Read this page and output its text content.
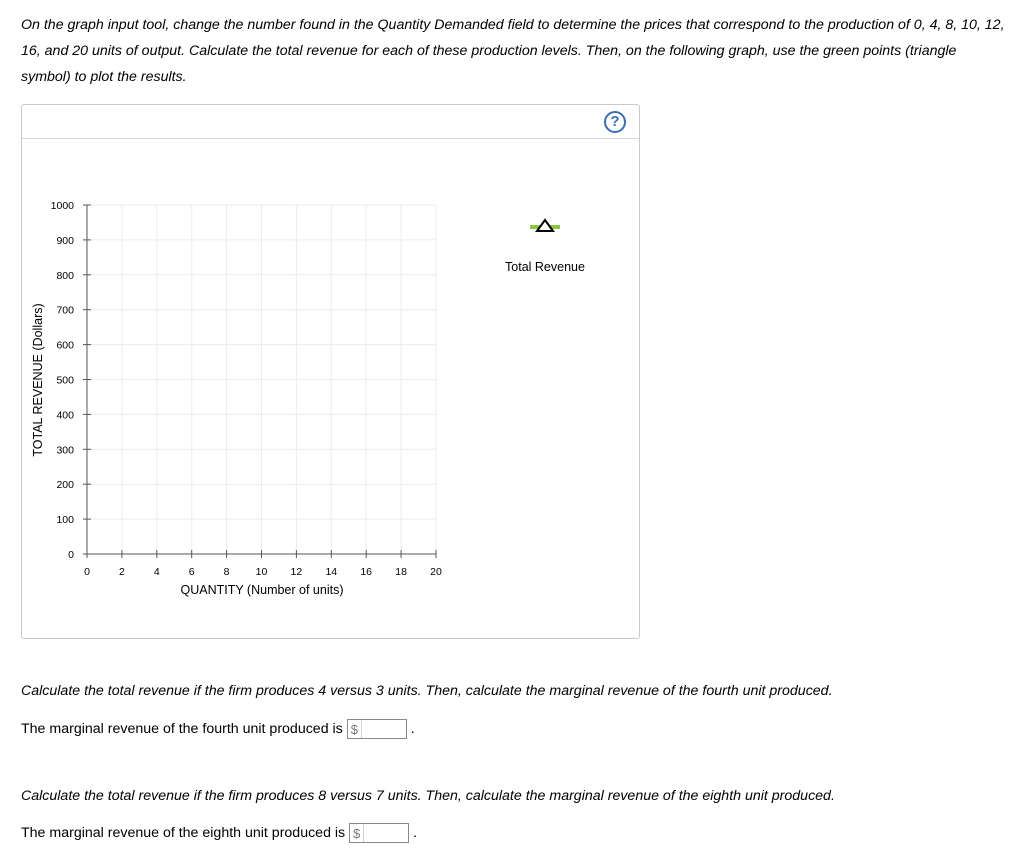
On the graph input tool, change the number found in the Quantity Demanded field to determine the prices that correspond to the production of 0, 4, 8, 10, 12, 16, and 20 units of output. Calculate the total revenue for each of these production levels. Then, on the following graph, use the green points (triangle symbol) to plot the results.
?
0	2	4	6	8 10 12 14 16 18 20
0
100
200
300
400
500
600
700
800
900
1000
QUANTITY (Number of units)
TOTAL REVENUE (Dollars)
Total Revenue
Calculate the total revenue if the firm produces 4 versus 3 units. Then, calculate the marginal revenue of the fourth unit produced.
The marginal revenue of the fourth unit produced is $	.
Calculate the total revenue if the firm produces 8 versus 7 units. Then, calculate the marginal revenue of the eighth unit produced.
The marginal revenue of the eighth unit produced is $	.
